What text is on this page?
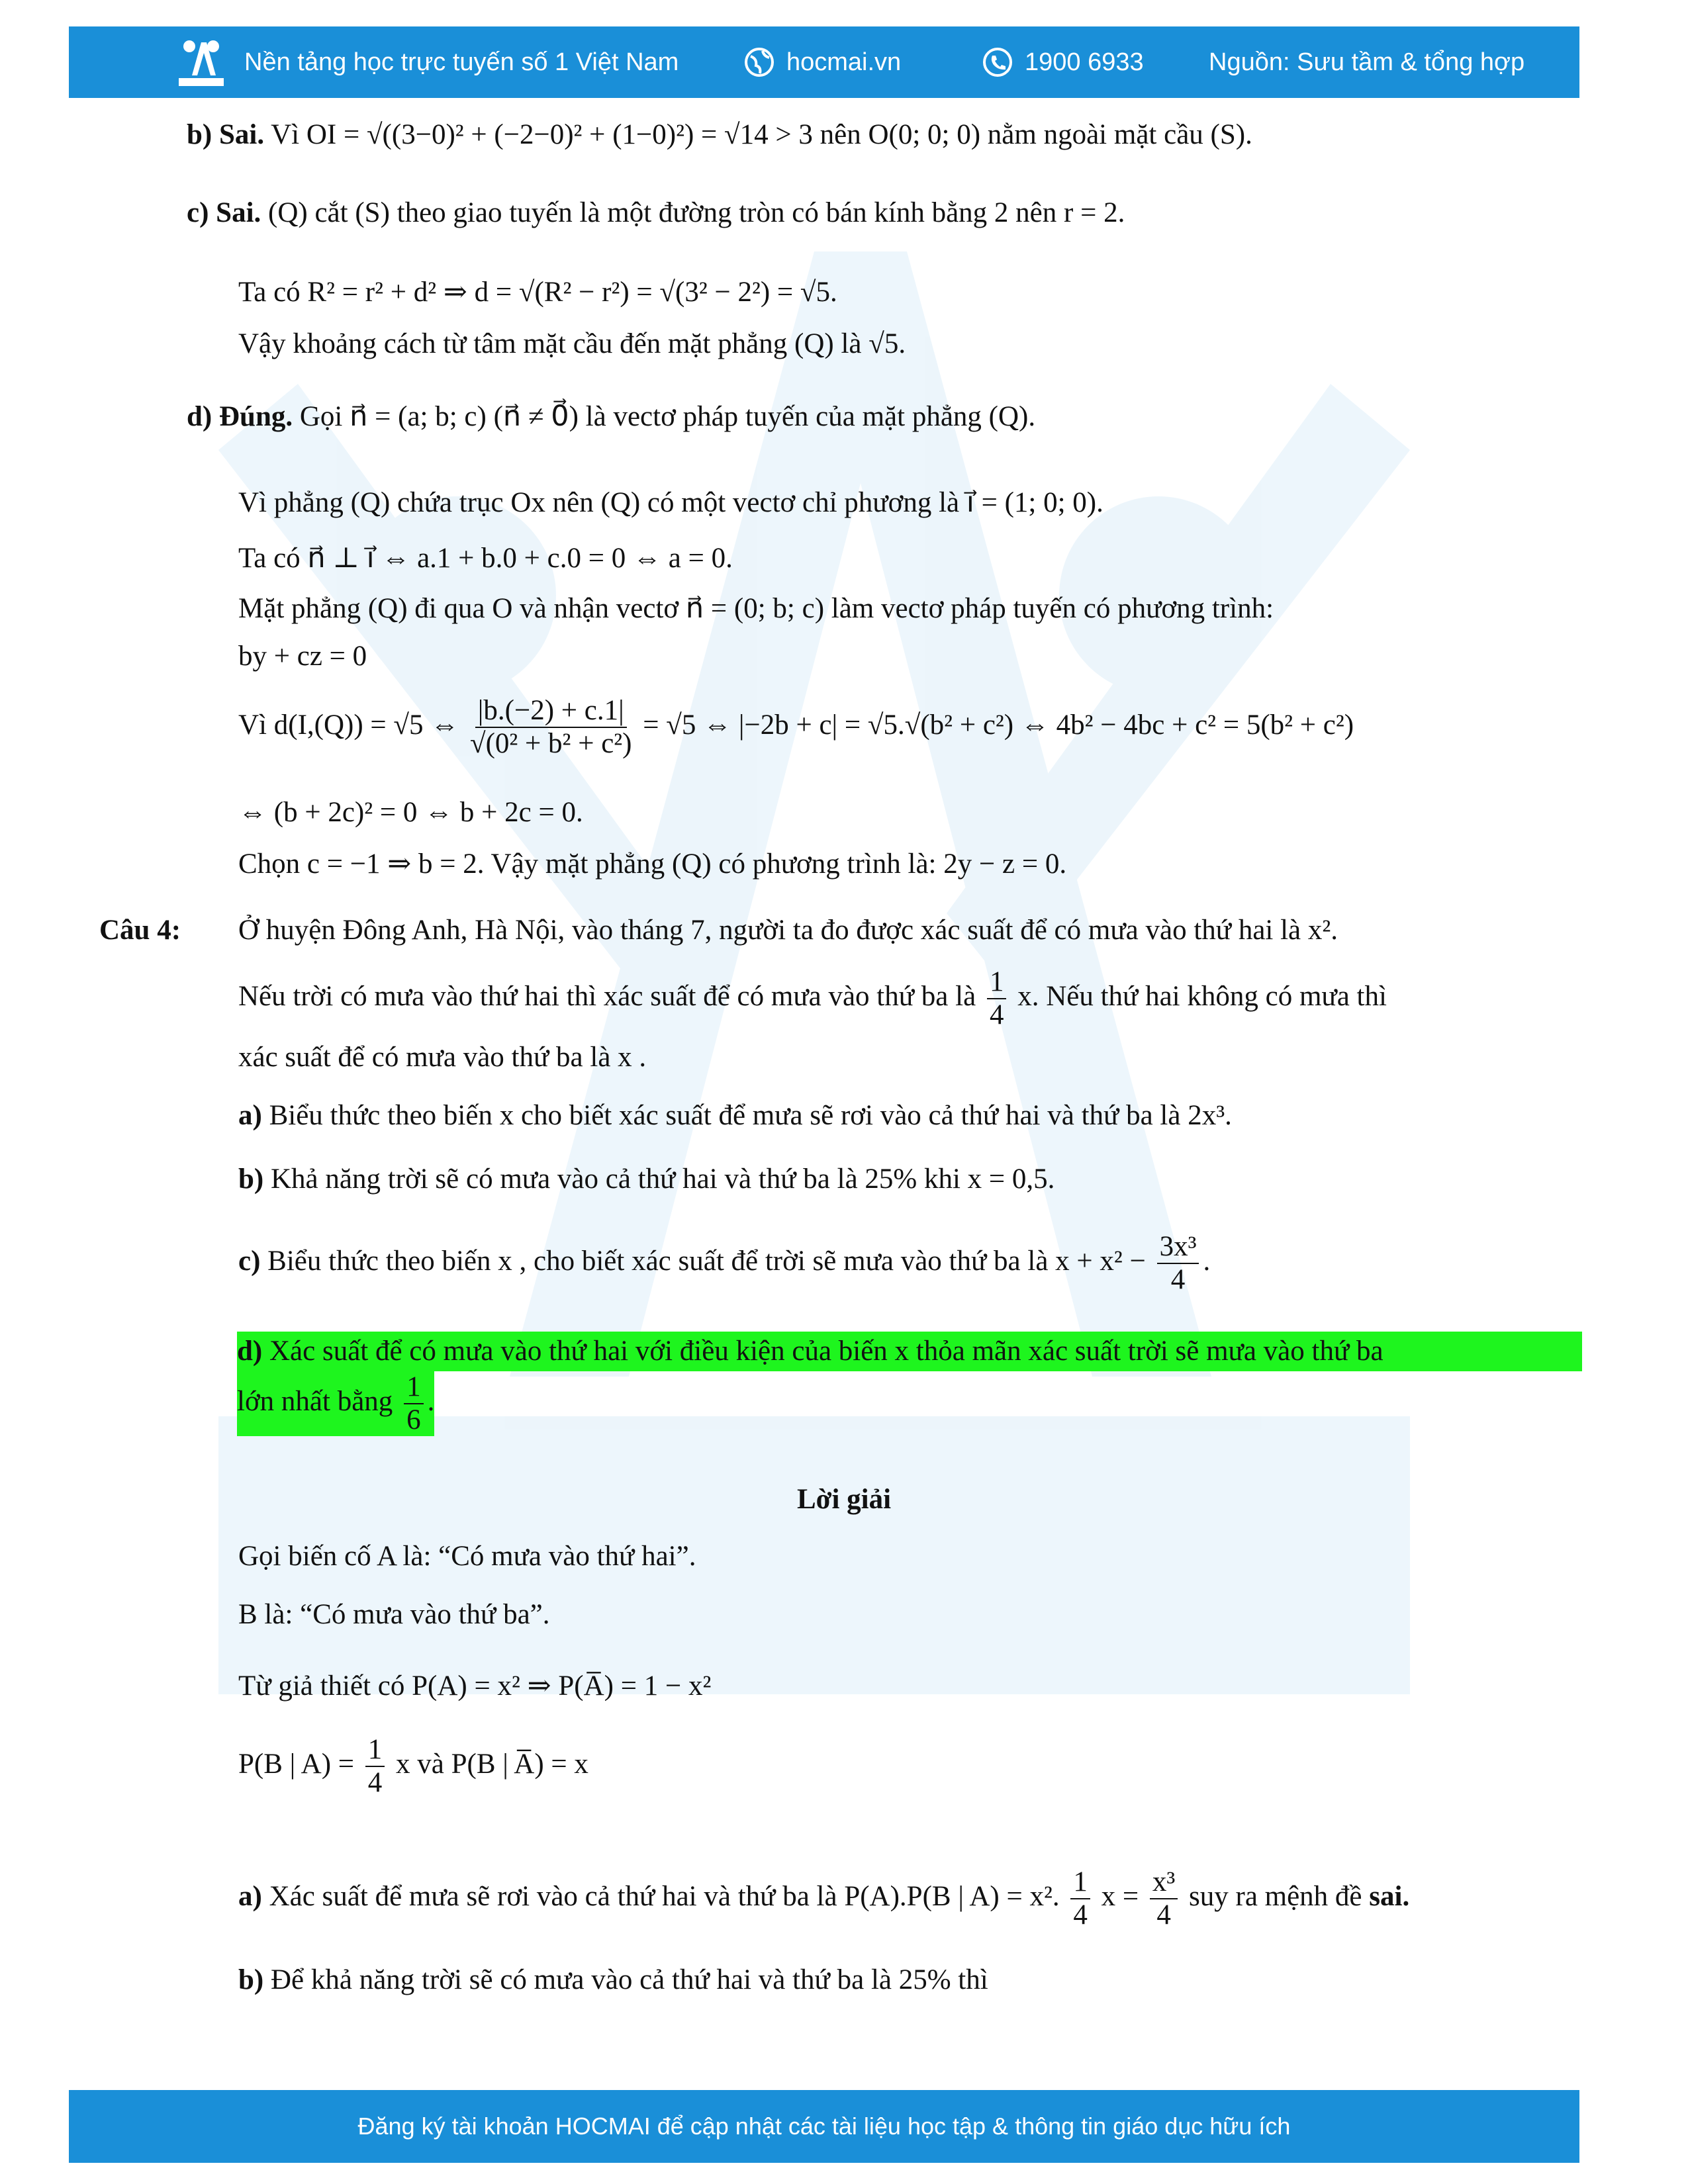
Nền tảng học trực tuyến số 1 Việt Nam	hocmai.vn	1900 6933	Nguồn: Sưu tầm & tổng hợp
b) Sai. Vì OI = √((3−0)² + (−2−0)² + (1−0)²) = √14 > 3 nên O(0; 0; 0) nằm ngoài mặt cầu (S).
c) Sai. (Q) cắt (S) theo giao tuyến là một đường tròn có bán kính bằng 2 nên r = 2.
Ta có R² = r² + d² ⇒ d = √(R² − r²) = √(3² − 2²) = √5.
Vậy khoảng cách từ tâm mặt cầu đến mặt phẳng (Q) là √5.
d) Đúng. Gọi n⃗ = (a; b; c) (n⃗ ≠ 0⃗) là vectơ pháp tuyến của mặt phẳng (Q).
Vì phẳng (Q) chứa trục Ox nên (Q) có một vectơ chỉ phương là i⃗ = (1; 0; 0).
Ta có n⃗ ⊥ i⃗ ⇔ a.1 + b.0 + c.0 = 0 ⇔ a = 0.
Mặt phẳng (Q) đi qua O và nhận vectơ n⃗ = (0; b; c) làm vectơ pháp tuyến có phương trình:
by + cz = 0
Vì d(I,(Q)) = √5 ⇔ $\frac{|b.(-2) + c.1|}{\text{√(0² + b² + c²)}} = √5$ ⇔ |−2b + c| = √5.√(b² + c²) ⇔ 4b² − 4bc + c² = 5(b² + c²)
⇔ (b + 2c)² = 0 ⇔ b + 2c = 0.
Chọn c = −1 ⇒ b = 2. Vậy mặt phẳng (Q) có phương trình là: 2y − z = 0.
Câu 4: Ở huyện Đông Anh, Hà Nội, vào tháng 7, người ta đo được xác suất để có mưa vào thứ hai là x².
Nếu trời có mưa vào thứ hai thì xác suất để có mưa vào thứ ba là $\frac{1}{4} x$. Nếu thứ hai không có mưa thì
xác suất để có mưa vào thứ ba là x .
a) Biểu thức theo biến x cho biết xác suất để mưa sẽ rơi vào cả thứ hai và thứ ba là 2x³.
b) Khả năng trời sẽ có mưa vào cả thứ hai và thứ ba là 25% khi x = 0,5.
c) Biểu thức theo biến x , cho biết xác suất để trời sẽ mưa vào thứ ba là $x + x^2 - \frac{\text{3x³}}{4}$ .
d) Xác suất để có mưa vào thứ hai với điều kiện của biến x thỏa mãn xác suất trời sẽ mưa vào thứ ba
lớn nhất bằng $\frac{1}{6}$ .
Lời giải
Gọi biến cố A là: “Có mưa vào thứ hai”.
B là: “Có mưa vào thứ ba”.
Từ giả thiết có P(A) = x² ⇒ P(A̅) = 1 − x²
P(B | $A) = \frac{1}{4}$ x và P(B | A̅) = x
a) Xác suất để mưa sẽ rơi vào cả thứ hai và thứ ba là P(A).P(B | A) = x². $\frac{1}{4}$ $x = \frac{\text{x³}}{4}$ suy ra mệnh đề sai.
b) Để khả năng trời sẽ có mưa vào cả thứ hai và thứ ba là 25% thì
Đăng ký tài khoản HOCMAI để cập nhật các tài liệu học tập & thông tin giáo dục hữu ích
